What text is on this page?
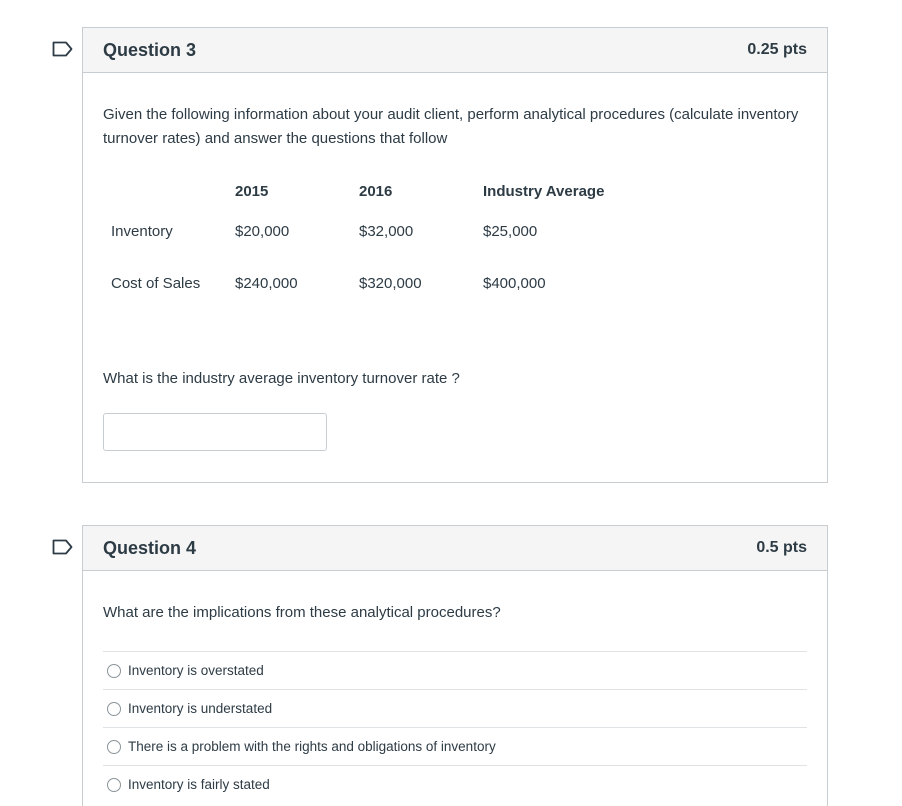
Question 3	0.25 pts

Given the following information about your audit client, perform analytical procedures (calculate inventory turnover rates) and answer the questions that follow

	2015	2016	Industry Average
Inventory	$20,000	$32,000	$25,000
Cost of Sales	$240,000	$320,000	$400,000

What is the industry average inventory turnover rate ?

Question 4	0.5 pts

What are the implications from these analytical procedures?

Inventory is overstated
Inventory is understated
There is a problem with the rights and obligations of inventory
Inventory is fairly stated
